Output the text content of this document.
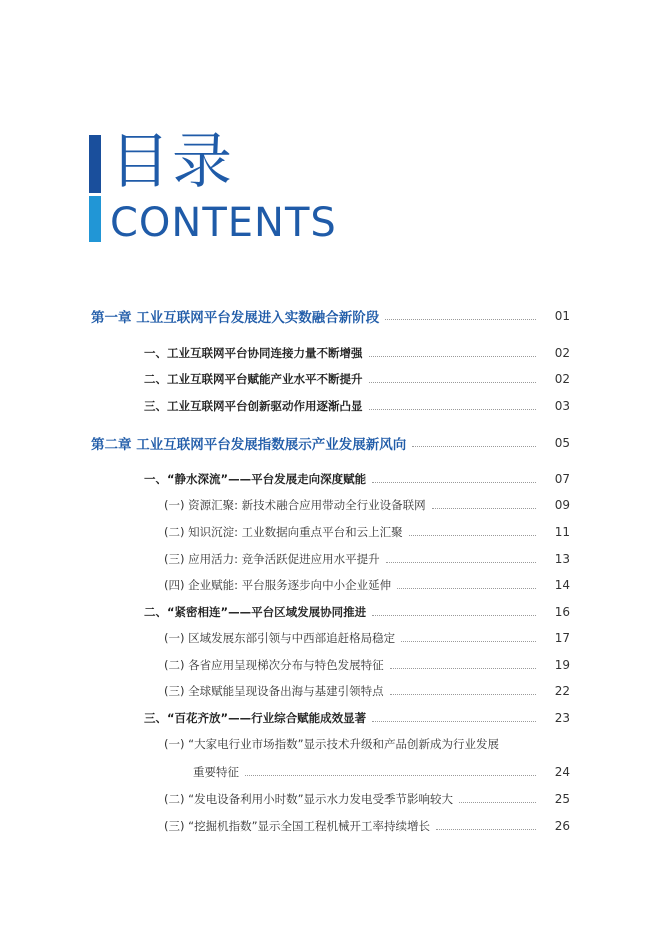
目录
CONTENTS
第一章 工业互联网平台发展进入实数融合新阶段	01
一、工业互联网平台协同连接力量不断增强	02
二、工业互联网平台赋能产业水平不断提升	02
三、工业互联网平台创新驱动作用逐渐凸显	03
第二章 工业互联网平台发展指数展示产业发展新风向	05
一、“静水深流”——平台发展走向深度赋能	07
(一) 资源汇聚: 新技术融合应用带动全行业设备联网	09
(二) 知识沉淀: 工业数据向重点平台和云上汇聚	11
(三) 应用活力: 竞争活跃促进应用水平提升	13
(四) 企业赋能: 平台服务逐步向中小企业延伸	14
二、“紧密相连”——平台区域发展协同推进	16
(一) 区域发展东部引领与中西部追赶格局稳定	17
(二) 各省应用呈现梯次分布与特色发展特征	19
(三) 全球赋能呈现设备出海与基建引领特点	22
三、“百花齐放”——行业综合赋能成效显著	23
(一) “大家电行业市场指数”显示技术升级和产品创新成为行业发展
重要特征	24
(二) “发电设备利用小时数”显示水力发电受季节影响较大	25
(三) “挖掘机指数”显示全国工程机械开工率持续增长	26
